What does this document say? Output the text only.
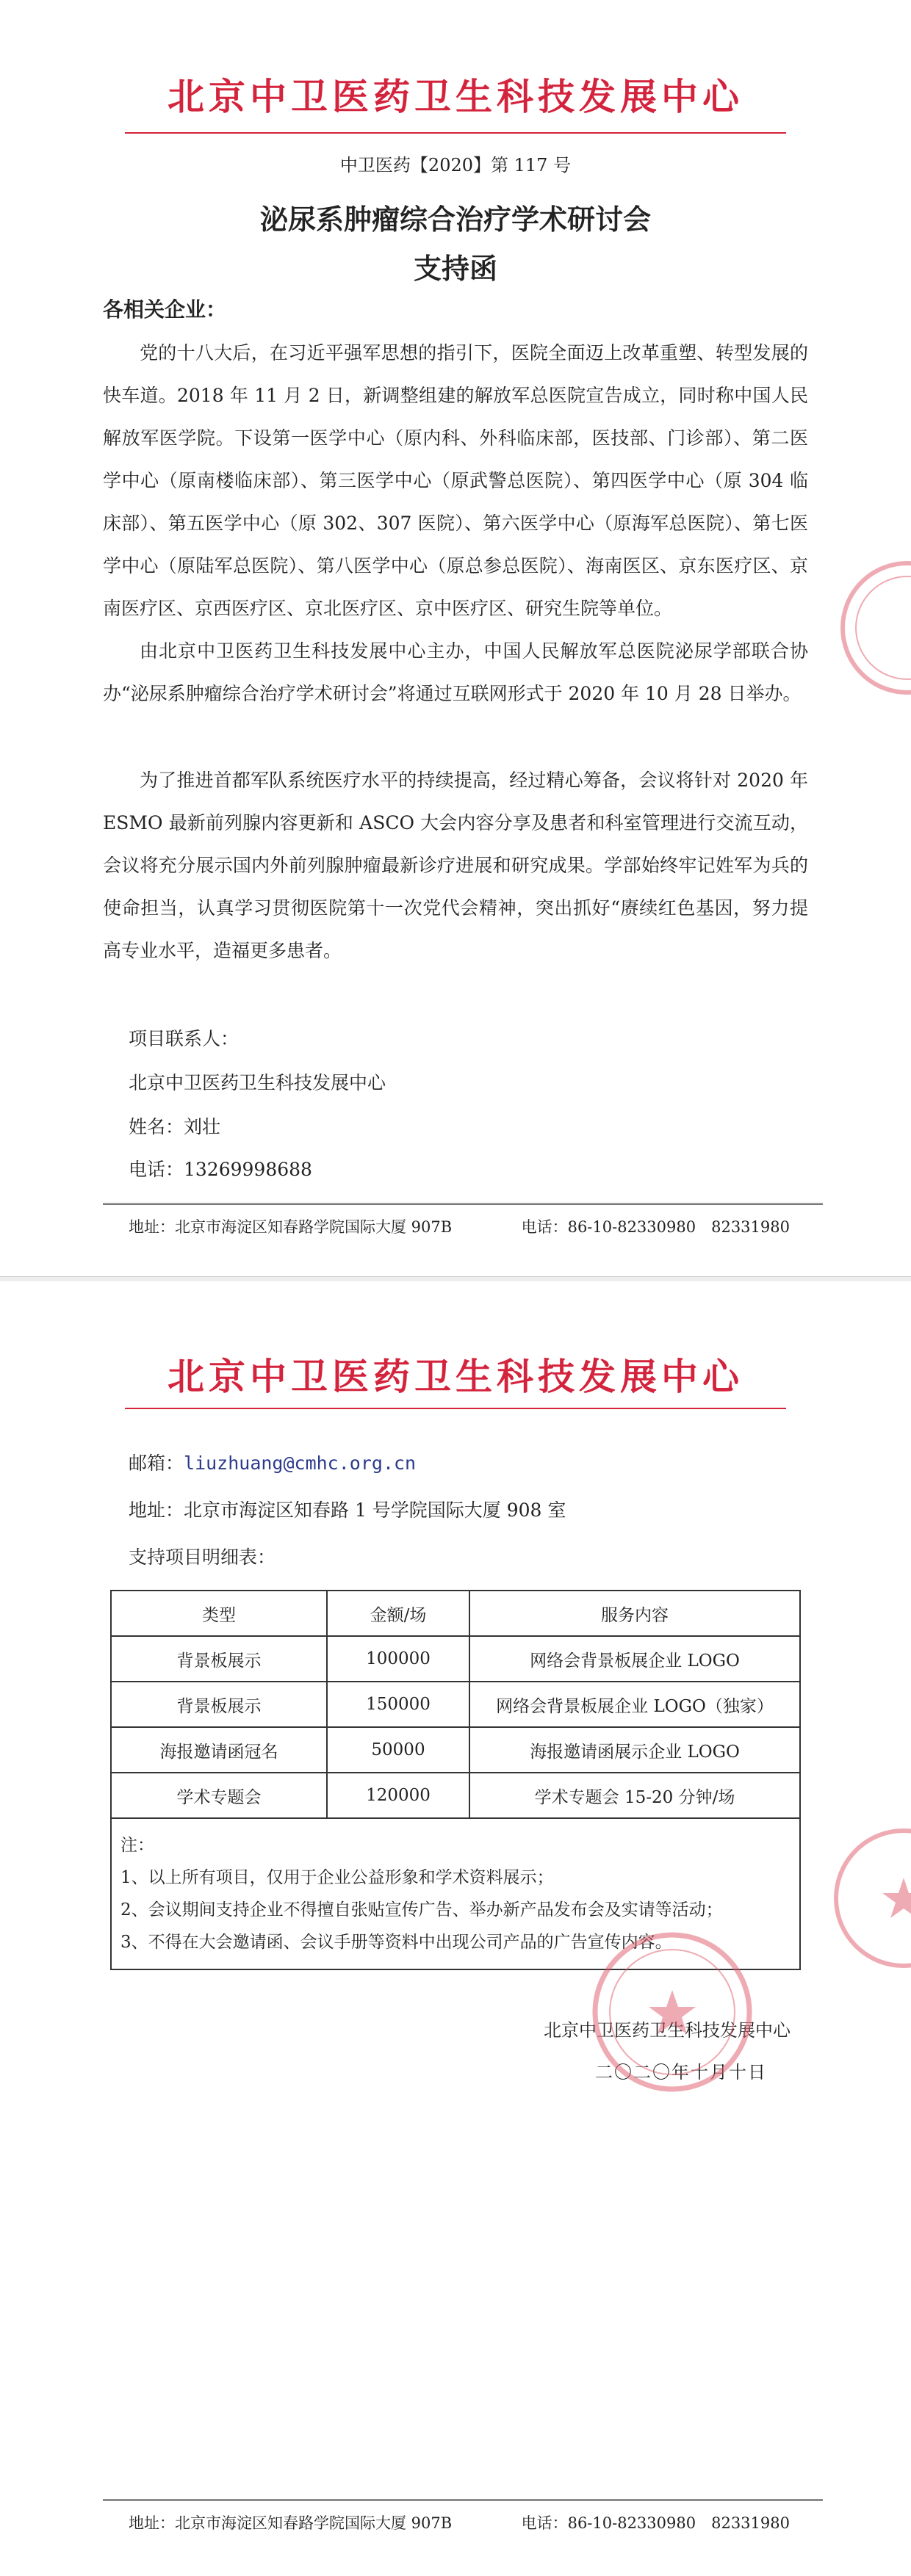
北京中卫医药卫生科技发展中心
中卫医药【2020】第 117 号
泌尿系肿瘤综合治疗学术研讨会
支持函
各相关企业：

党的十八大后，在习近平强军思想的指引下，医院全面迈上改革重塑、转型发展的快车道。2018 年 11 月 2 日，新调整组建的解放军总医院宣告成立，同时称中国人民解放军医学院。下设第一医学中心（原内科、外科临床部，医技部、门诊部）、第二医学中心（原南楼临床部）、第三医学中心（原武警总医院）、第四医学中心（原 304 临床部）、第五医学中心（原 302、307 医院）、第六医学中心（原海军总医院）、第七医学中心（原陆军总医院）、第八医学中心（原总参总医院）、海南医区、京东医疗区、京南医疗区、京西医疗区、京北医疗区、京中医疗区、研究生院等单位。

由北京中卫医药卫生科技发展中心主办，中国人民解放军总医院泌尿学部联合协办“泌尿系肿瘤综合治疗学术研讨会”将通过互联网形式于 2020 年 10 月 28 日举办。

为了推进首都军队系统医疗水平的持续提高，经过精心筹备，会议将针对 2020 年 ESMO 最新前列腺内容更新和 ASCO 大会内容分享及患者和科室管理进行交流互动，会议将充分展示国内外前列腺肿瘤最新诊疗进展和研究成果。学部始终牢记姓军为兵的使命担当，认真学习贯彻医院第十一次党代会精神，突出抓好“赓续红色基因，努力提高专业水平，造福更多患者。

项目联系人：
北京中卫医药卫生科技发展中心
姓名：刘壮
电话：13269998688
地址：北京市海淀区知春路学院国际大厦 907B	电话：86-10-82330980　82331980
北京中卫医药卫生科技发展中心
邮箱：liuzhuang@cmhc.org.cn
地址：北京市海淀区知春路 1 号学院国际大厦 908 室
支持项目明细表：
类型	金额/场	服务内容
背景板展示	100000	网络会背景板展企业 LOGO
背景板展示	150000	网络会背景板展企业 LOGO（独家）
海报邀请函冠名	50000	海报邀请函展示企业 LOGO
学术专题会	120000	学术专题会 15-20 分钟/场

注：
1、以上所有项目，仅用于企业公益形象和学术资料展示；
2、会议期间支持企业不得擅自张贴宣传广告、举办新产品发布会及实请等活动；
3、不得在大会邀请函、会议手册等资料中出现公司产品的广告宣传内容。		
北京中卫医药卫生科技发展中心
二〇二〇年十月十日
地址：北京市海淀区知春路学院国际大厦 907B	电话：86-10-82330980　82331980
